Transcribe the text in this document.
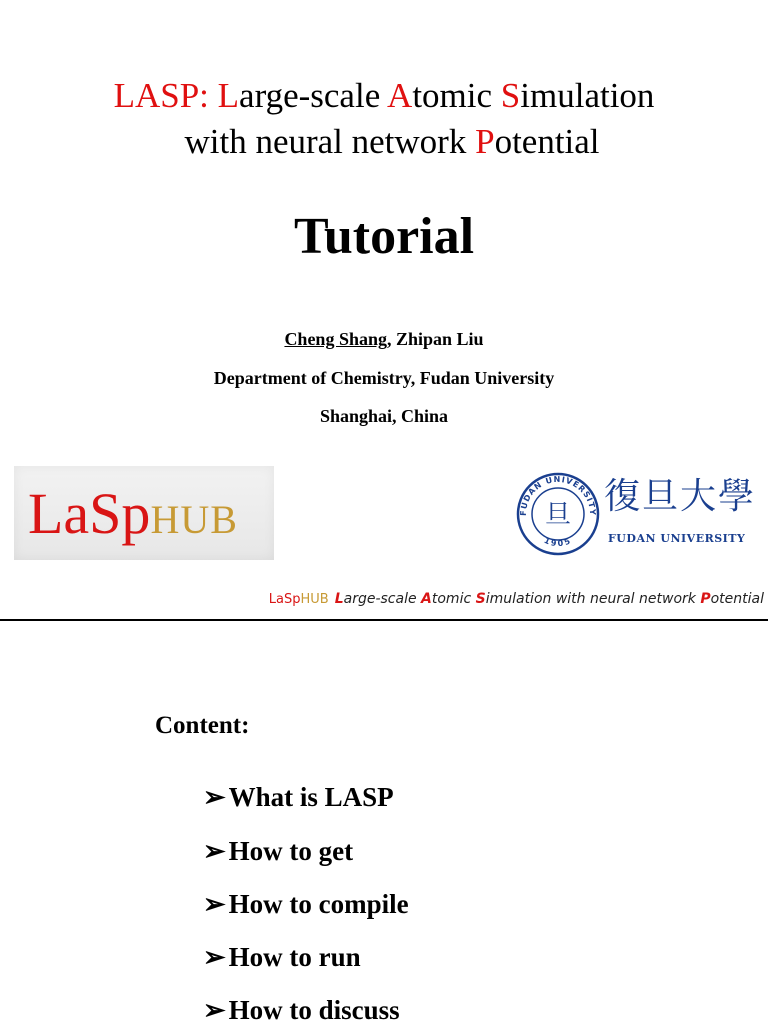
LASP: Large-scale Atomic Simulation
with neural network Potential
Tutorial
Cheng Shang, Zhipan Liu
Department of Chemistry, Fudan University
Shanghai, China
LaSpHUB	FUDAN UNIVERSITY
1905
旦 復旦大學
FUDAN UNIVERSITY
LaSpHUB Large-scale Atomic Simulation with neural network Potential
Content:
➢ What is LASP
➢ How to get
➢ How to compile
➢ How to run
➢ How to discuss
